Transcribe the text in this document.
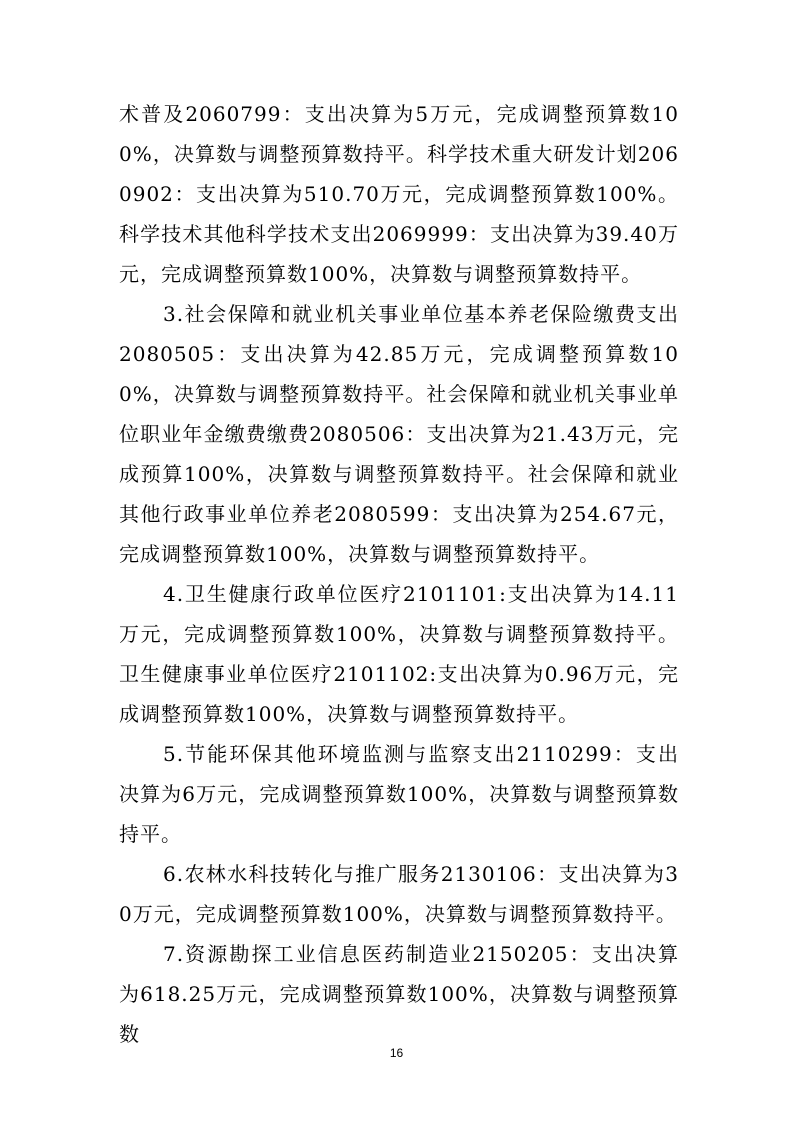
术普及2060799：支出决算为5万元，完成调整预算数100%，决算数与调整预算数持平。科学技术重大研发计划2060902：支出决算为510.70万元，完成调整预算数100%。科学技术其他科学技术支出2069999：支出决算为39.40万元，完成调整预算数100%，决算数与调整预算数持平。

3.社会保障和就业机关事业单位基本养老保险缴费支出2080505：支出决算为42.85万元，完成调整预算数100%，决算数与调整预算数持平。社会保障和就业机关事业单位职业年金缴费缴费2080506：支出决算为21.43万元，完成预算100%，决算数与调整预算数持平。社会保障和就业其他行政事业单位养老2080599：支出决算为254.67元，完成调整预算数100%，决算数与调整预算数持平。

4.卫生健康行政单位医疗2101101:支出决算为14.11万元，完成调整预算数100%，决算数与调整预算数持平。卫生健康事业单位医疗2101102:支出决算为0.96万元，完成调整预算数100%，决算数与调整预算数持平。

5.节能环保其他环境监测与监察支出2110299：支出决算为6万元，完成调整预算数100%，决算数与调整预算数持平。

6.农林水科技转化与推广服务2130106：支出决算为30万元，完成调整预算数100%，决算数与调整预算数持平。

7.资源勘探工业信息医药制造业2150205：支出决算为618.25万元，完成调整预算数100%，决算数与调整预算数

16
